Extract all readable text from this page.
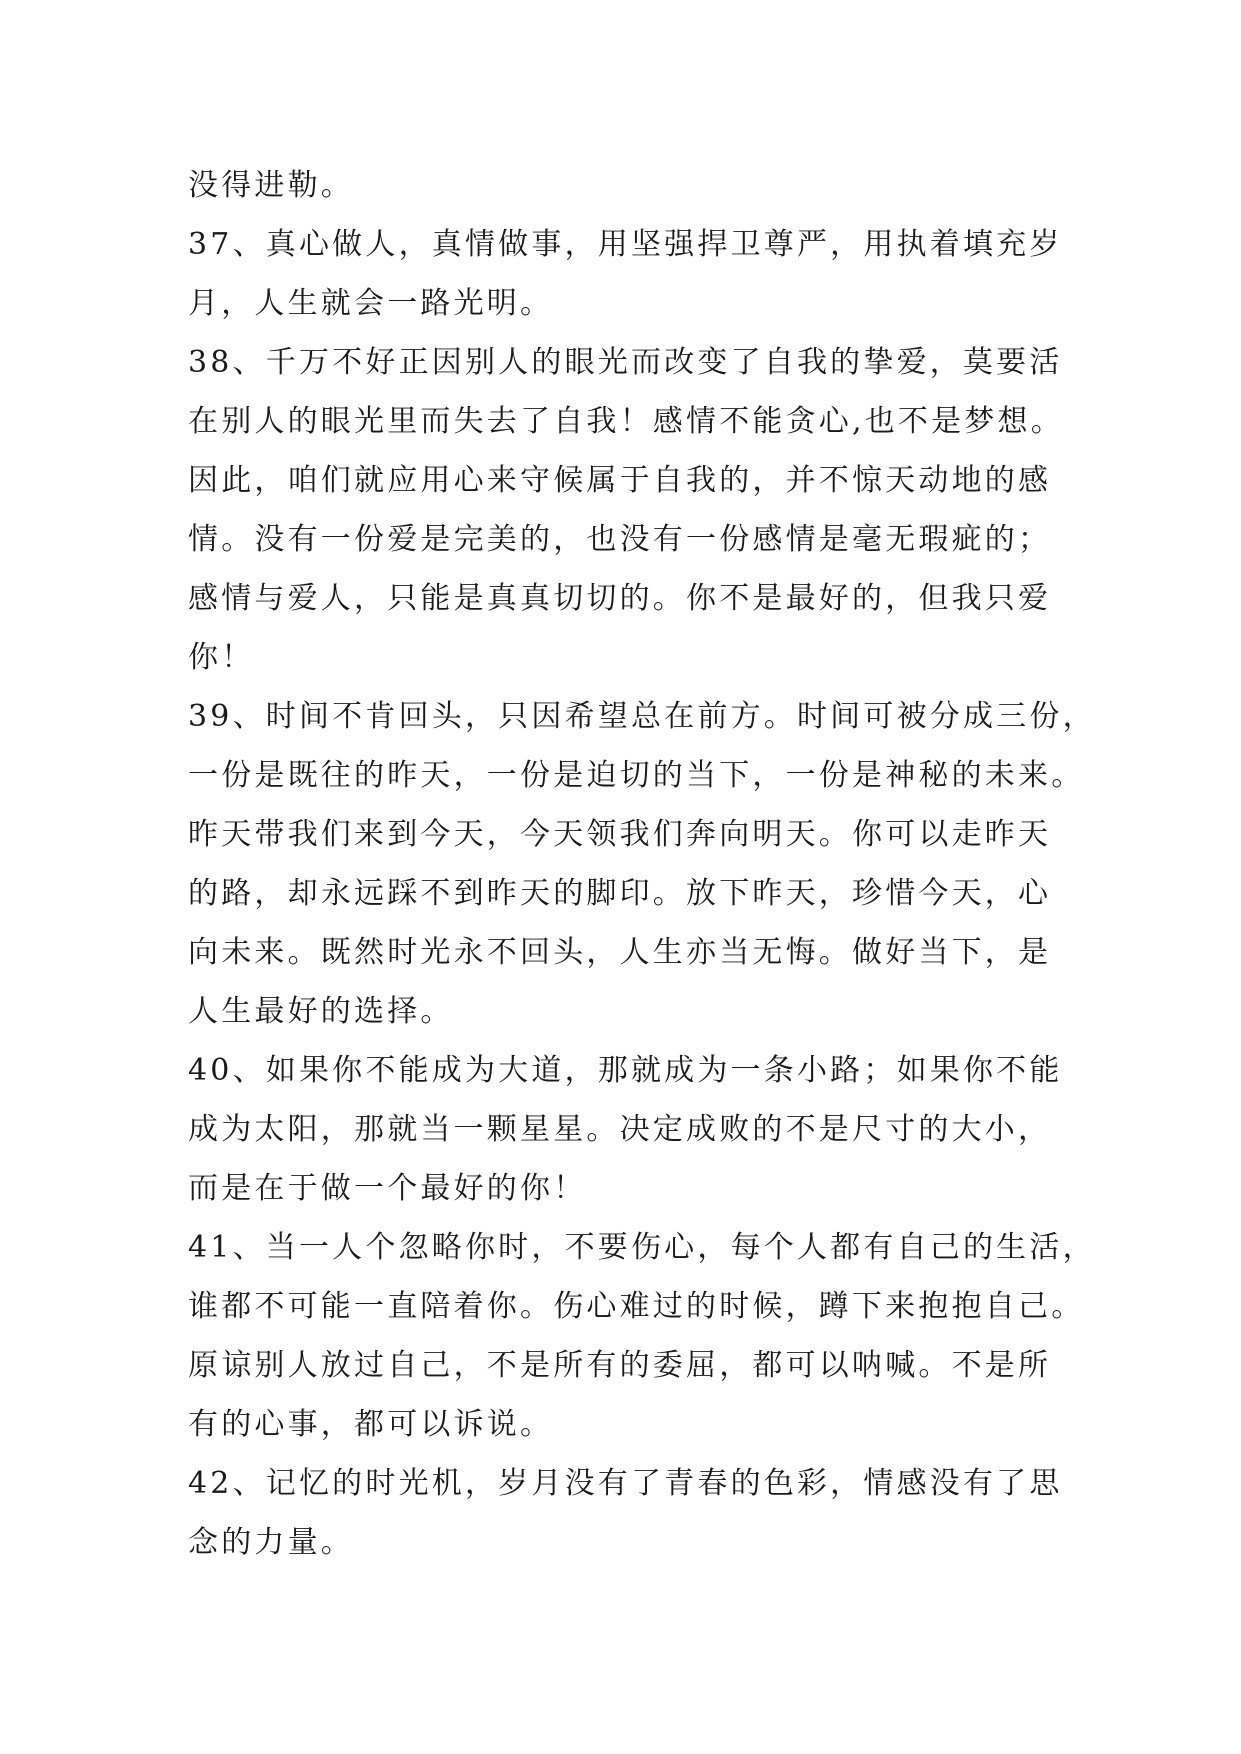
没得进勒。
37、真心做人，真情做事，用坚强捍卫尊严，用执着填充岁
月，人生就会一路光明。
38、千万不好正因别人的眼光而改变了自我的挚爱，莫要活
在别人的眼光里而失去了自我！感情不能贪心,也不是梦想。
因此，咱们就应用心来守候属于自我的，并不惊天动地的感
情。没有一份爱是完美的，也没有一份感情是毫无瑕疵的；
感情与爱人，只能是真真切切的。你不是最好的，但我只爱
你！
39、时间不肯回头，只因希望总在前方。时间可被分成三份，
一份是既往的昨天，一份是迫切的当下，一份是神秘的未来。
昨天带我们来到今天，今天领我们奔向明天。你可以走昨天
的路，却永远踩不到昨天的脚印。放下昨天，珍惜今天，心
向未来。既然时光永不回头，人生亦当无悔。做好当下，是
人生最好的选择。
40、如果你不能成为大道，那就成为一条小路；如果你不能
成为太阳，那就当一颗星星。决定成败的不是尺寸的大小，
而是在于做一个最好的你！
41、当一人个忽略你时，不要伤心，每个人都有自己的生活，
谁都不可能一直陪着你。伤心难过的时候，蹲下来抱抱自己。
原谅别人放过自己，不是所有的委屈，都可以呐喊。不是所
有的心事，都可以诉说。
42、记忆的时光机，岁月没有了青春的色彩，情感没有了思
念的力量。
